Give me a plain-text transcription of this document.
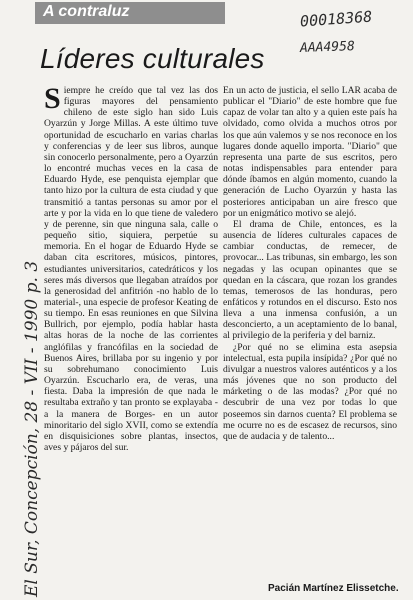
A contraluz	00018368
AAA4958
Líderes culturales
El Sur, Concepción, 28 - VII - 1990 p. 3

Siempre he creído que tal vez las dos figuras mayores del pensamiento chileno de este siglo han sido Luis Oyarzún y Jorge Millas. A este último tuve oportunidad de escucharlo en varias charlas y conferencias y de leer sus libros, aunque sin conocerlo personalmente, pero a Oyarzún lo encontré muchas veces en la casa de Eduardo Hyde, ese penquista ejemplar que tanto hizo por la cultura de esta ciudad y que transmitió a tantas personas su amor por el arte y por la vida en lo que tiene de valedero y de perenne, sin que ninguna sala, calle o pequeño sitio, siquiera, perpetúe su memoria. En el hogar de Eduardo Hyde se daban cita escritores, músicos, pintores, estudiantes universitarios, catedráticos y los seres más diversos que llegaban atraídos por la generosidad del anfitrión -no hablo de lo material-, una especie de profesor Keating de su tiempo. En esas reuniones en que Silvina Bullrich, por ejemplo, podía hablar hasta altas horas de la noche de las corrientes anglófilas y francófilas en la sociedad de Buenos Aires, brillaba por su ingenio y por su sobrehumano conocimiento Luis Oyarzún. Escucharlo era, de veras, una fiesta. Daba la impresión de que nada le resultaba extraño y tan pronto se explayaba -a la manera de Borges- en un autor minoritario del siglo XVII, como se extendía en disquisiciones sobre plantas, insectos, aves y pájaros del sur.

En un acto de justicia, el sello LAR acaba de publicar el "Diario" de este hombre que fue capaz de volar tan alto y a quien este país ha olvidado, como olvida a muchos otros por los que aún valemos y se nos reconoce en los lugares donde aquello importa. "Diario" que representa una parte de sus escritos, pero notas indispensables para entender para dónde íbamos en algún momento, cuando la generación de Lucho Oyarzún y hasta las posteriores anticipaban un aire fresco que por un enigmático motivo se alejó.

El drama de Chile, entonces, es la ausencia de líderes culturales capaces de cambiar conductas, de remecer, de provocar... Las tribunas, sin embargo, les son negadas y las ocupan opinantes que se quedan en la cáscara, que rozan los grandes temas, temerosos de las honduras, pero enfáticos y rotundos en el discurso. Esto nos lleva a una inmensa confusión, a un desconcierto, a un aceptamiento de lo banal, al privilegio de la periferia y del barniz.

¿Por qué no se elimina esta asepsia intelectual, esta pupila insípida? ¿Por qué no divulgar a nuestros valores auténticos y a los más jóvenes que no son producto del márketing o de las modas? ¿Por qué no descubrir de una vez por todas lo que poseemos sin darnos cuenta? El problema se me ocurre no es de escasez de recursos, sino que de audacia y de talento...

Pacián Martínez Elissetche.
